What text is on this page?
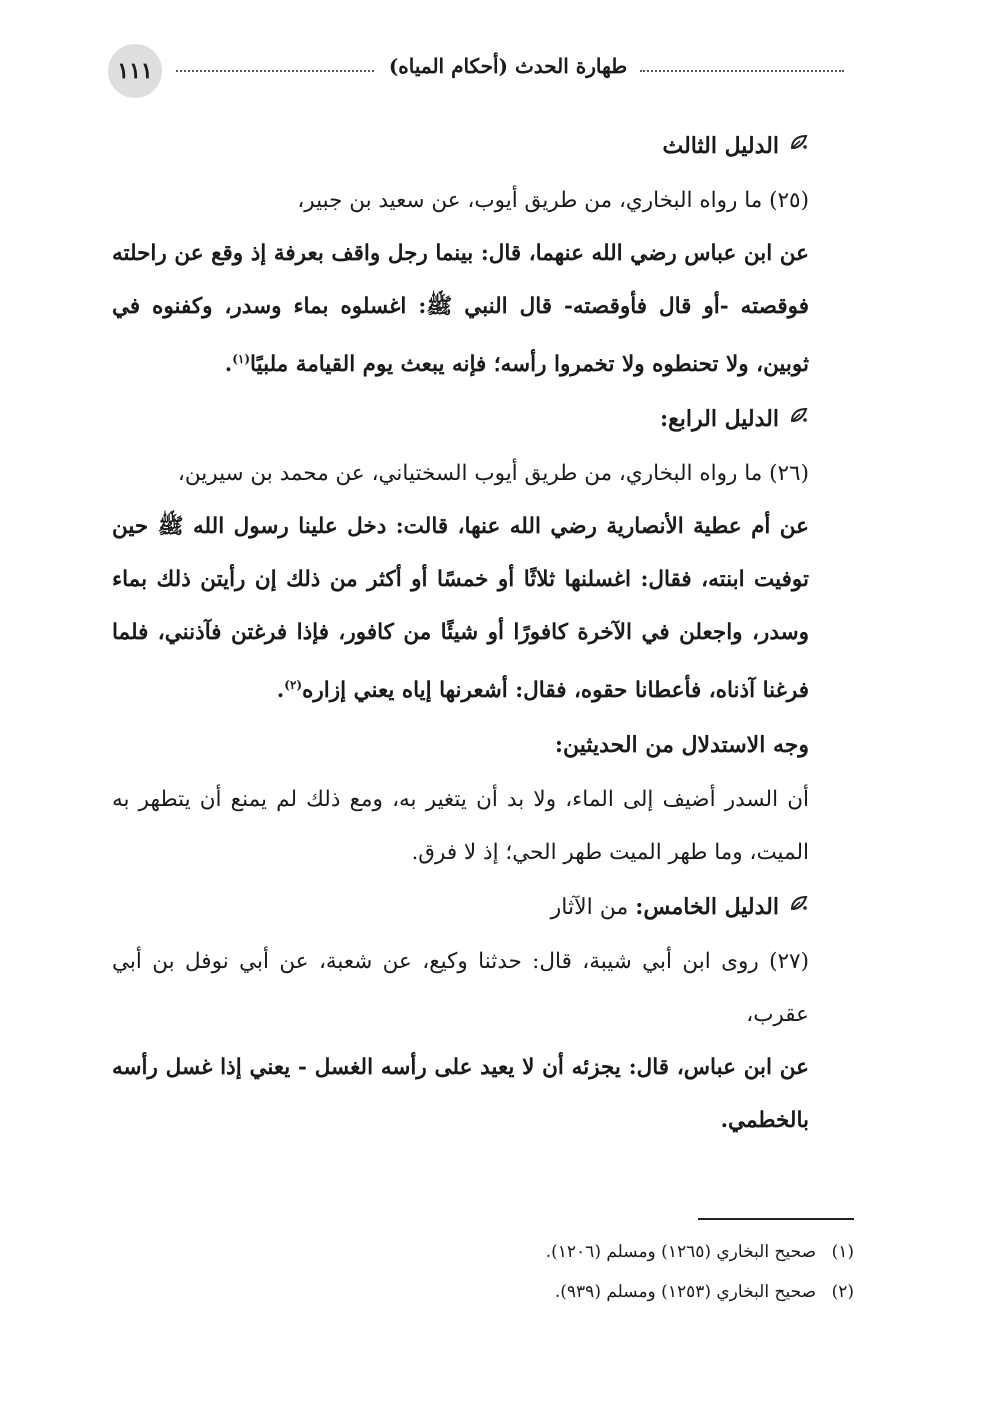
١١١	طهارة الحدث (أحكام المياه)
الدليل الثالث

(٢٥) ما رواه البخاري، من طريق أيوب، عن سعيد بن جبير،

عن ابن عباس رضي الله عنهما، قال: بينما رجل واقف بعرفة إذ وقع عن راحلته فوقصته -أو قال فأوقصته- قال النبي ﷺ: اغسلوه بماء وسدر، وكفنوه في ثوبين، ولا تحنطوه ولا تخمروا رأسه؛ فإنه يبعث يوم القيامة ملبيًا$^{(١)}$.

الدليل الرابع:

(٢٦) ما رواه البخاري، من طريق أيوب السختياني، عن محمد بن سيرين،

عن أم عطية الأنصارية رضي الله عنها، قالت: دخل علينا رسول الله ﷺ حين توفيت ابنته، فقال: اغسلنها ثلاثًا أو خمسًا أو أكثر من ذلك إن رأيتن ذلك بماء وسدر، واجعلن في الآخرة كافورًا أو شيئًا من كافور، فإذا فرغتن فآذنني، فلما فرغنا آذناه، فأعطانا حقوه، فقال: أشعرنها إياه يعني إزاره$^{(٢)}$.

وجه الاستدلال من الحديثين:

أن السدر أضيف إلى الماء، ولا بد أن يتغير به، ومع ذلك لم يمنع أن يتطهر به الميت، وما طهر الميت طهر الحي؛ إذ لا فرق.

الدليل الخامس: من الآثار

(٢٧) روى ابن أبي شيبة، قال: حدثنا وكيع، عن شعبة، عن أبي نوفل بن أبي عقرب،

عن ابن عباس، قال: يجزئه أن لا يعيد على رأسه الغسل - يعني إذا غسل رأسه بالخطمي.

(١)صحيح البخاري (١٢٦٥) ومسلم (١٢٠٦).
(٢)صحيح البخاري (١٢٥٣) ومسلم (٩٣٩).
